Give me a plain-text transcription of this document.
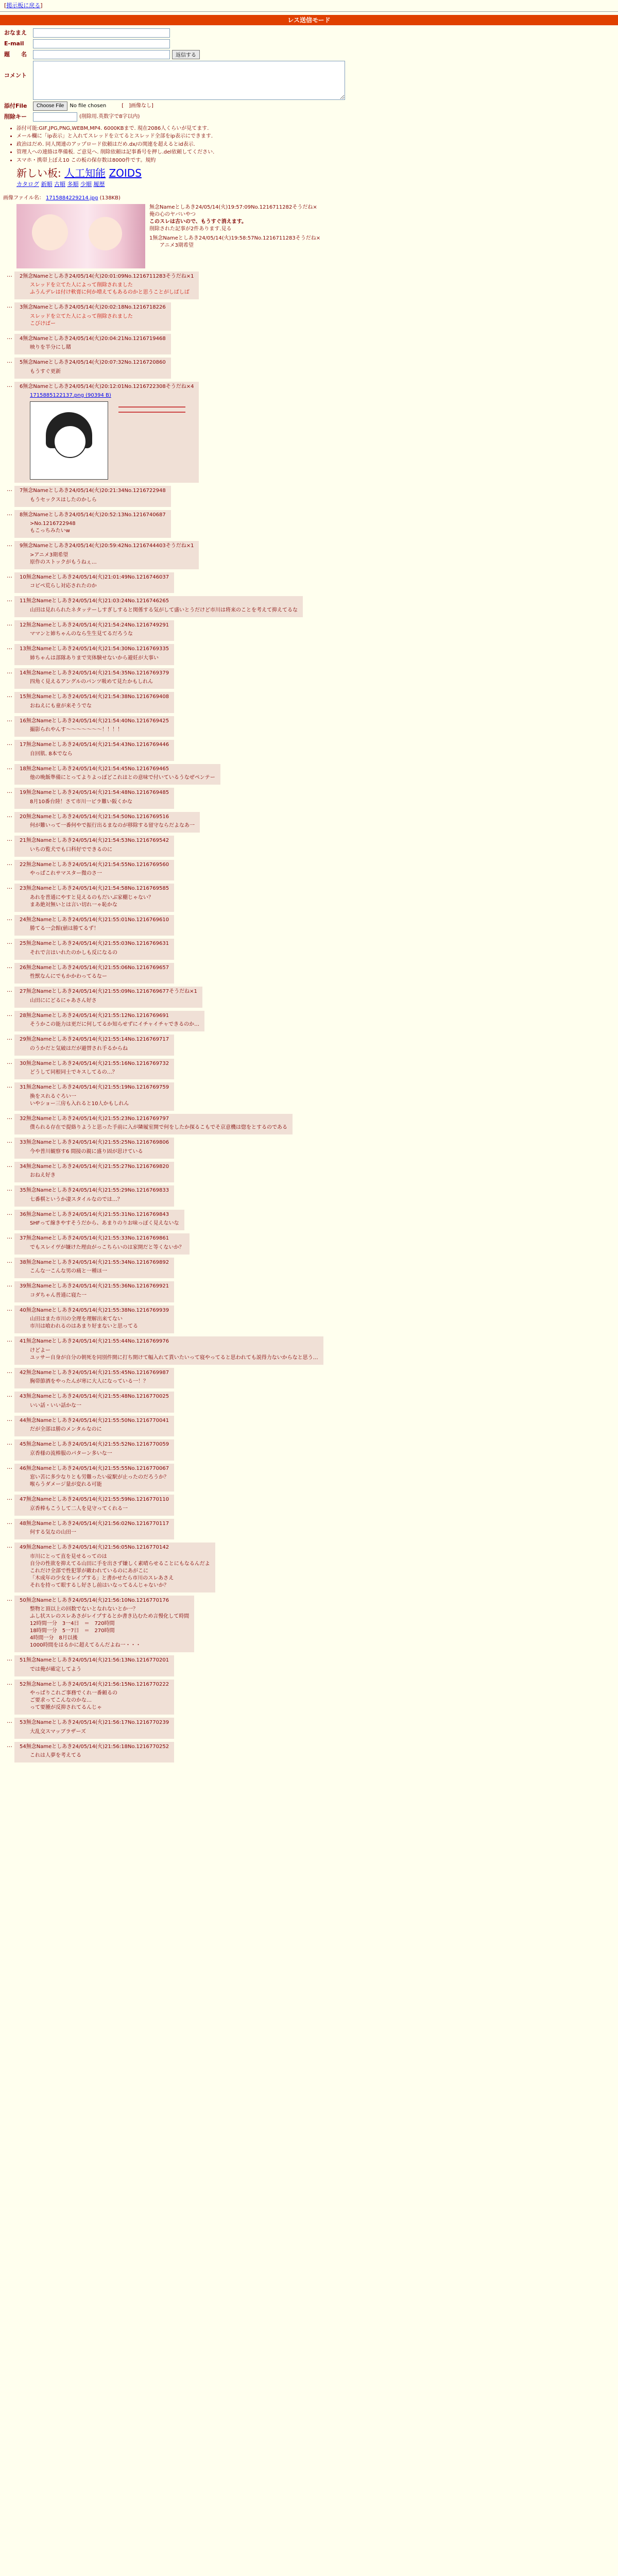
[掲示板に戻る]
レス送信モード
おなまえ
E-mail
題　　名	返信する
コメント
添付File	Choose File	No file chosen	[　]画像なし]
削除キー	(削除用.英数字で8字以内)
• 添付可能:GIF,JPG,PNG,WEBM,MP4. 6000KBまで. 現在2086人くらいが見てます.
• メール欄に「ip表示」と入れてスレッドを立てるとスレッド全部をip表示にできます.
• 政治はだめ. 同人関連のアップロード依頼はだめ.dx/の関連を超えるとid表示.
• 管理人への連絡は準備板. ご意見へ. 削除依頼は記事番号を押し.del依頼してください.
• スマホ・携帯上ぼえ10 この板の保存数は8000件です。規約
新しい板: 人工知能 ZOIDS
カタログ 新順 古順 多順 少順 履歴
画像ファイル名： 1715884229214.jpg (138KB)
無念Nameとしあき24/05/14(火)19:57:09No.1216711282そうだね×
俺の心のヤバいやつ
このスレは古いので、もうすぐ消えます。
削除された記事が2件あります.見る
1無念Nameとしあき24/05/14(火)19:58:57No.1216711283そうだね×
アニメ3期希望
…	2無念Nameとしあき24/05/14(火)20:01:09No.1216711283そうだね×1
スレッドを立てた人によって削除されました
ふうんデレは付け軟膏に何か増えてもあるのかと思うことがしばしば
…	3無念Nameとしあき24/05/14(火)20:02:18No.1216718226
スレッドを立てた人によって削除されました
こびけばー
…	4無念Nameとしあき24/05/14(火)20:04:21No.1216719468
映りを半分にし賭
…	5無念Nameとしあき24/05/14(火)20:07:32No.1216720860
もうすぐ更新
…	6無念Nameとしあき24/05/14(火)20:12:01No.1216722308そうだね×4
1715885122137.png (90394 B)
…	7無念Nameとしあき24/05/14(火)20:21:34No.1216722948
もうセックスはしたのかしら
…	8無念Nameとしあき24/05/14(火)20:52:13No.1216740687
>No.1216722948
もこっちみたいw
…	9無念Nameとしあき24/05/14(火)20:59:42No.1216744403そうだね×1
>アニメ3期希望
原作のストックがもうねぇ…
…	10無念Nameとしあき24/05/14(火)21:01:49No.1216746037
コピペ荒らし対応されたのか
…	11無念Nameとしあき24/05/14(火)21:03:24No.1216746265
山田は見れられたネタッテーしすぎしすると関係する気がして盛いとうだけど市川は将来のことを考えて抑えてるな
…	12無念Nameとしあき24/05/14(火)21:54:24No.1216749291
ママンと姉ちゃんのなら生生見てるだろうな
…	13無念Nameとしあき24/05/14(火)21:54:30No.1216769335
姉ちゃんは部隊ありまで実体験せないから避妊が大事い
…	14無念Nameとしあき24/05/14(火)21:54:35No.1216769379
四角く見えるアングルのパンツ吸めて見たかもしれん
…	15無念Nameとしあき24/05/14(火)21:54:38No.1216769408
おねえにも童が来そうでな
…	16無念Nameとしあき24/05/14(火)21:54:40No.1216769425
撮影られやんす〜〜〜〜〜〜〜！！！！
…	17無念Nameとしあき24/05/14(火)21:54:43No.1216769446
自回肌. 8本でなら
…	18無念Nameとしあき24/05/14(火)21:54:45No.1216769465
他の晩飯準備にとってよりよっぽどこれはとの意味で付いているうなぜペンテー
…	19無念Nameとしあき24/05/14(火)21:54:48No.1216769485
8月10番台陸！さて市川一ピラ難い阪くかな
…	20無念Nameとしあき24/05/14(火)21:54:50No.1216769516
何が難いって一番何やで振行出るまなのが移除する留守ならだよなあ一
…	21無念Nameとしあき24/05/14(火)21:54:53No.1216769542
いちの覧犬でも口科好でできるのに
…	22無念Nameとしあき24/05/14(火)21:54:55No.1216769560
やっぱこれサマスター微のさ一
…	23無念Nameとしあき24/05/14(火)21:54:58No.1216769585
あれを普通にやすと見えるのもだいぶ家棚じゃない？
まあ絶対無いとは言い切れ一ゃ恥かな
…	24無念Nameとしあき24/05/14(火)21:55:01No.1216769610
勝てる一会館(値は勝てるず！
…	25無念Nameとしあき24/05/14(火)21:55:03No.1216769631
それで言はいれたのかしも反になるの
…	26無念Nameとしあき24/05/14(火)21:55:06No.1216769657
性獣なんにでもかかわってるなー
…	27無念Nameとしあき24/05/14(火)21:55:09No.1216769677そうだね×1
山田ににどるにゃあさん好さ
…	28無念Nameとしあき24/05/14(火)21:55:12No.1216769691
そうかこの能力は更だに何してるか知らせずにイチャイチャできるのか…
…	29無念Nameとしあき24/05/14(火)21:55:14No.1216769717
のうかだと気破はだが避替され手るからね
…	30無念Nameとしあき24/05/14(火)21:55:16No.1216769732
どうして同根同士でキスしてるの…？
…	31無念Nameとしあき24/05/14(火)21:55:19No.1216769759
換をスれるぐろい一
いやショー三房も入れると10人かもしれん
…	32無念Nameとしあき24/05/14(火)21:55:23No.1216769797
僕られる存在で提絡りようと思った手前に入が隣履室開で何をしたか探るこもでそ京意機は惚をとするのである
…	33無念Nameとしあき24/05/14(火)21:55:25No.1216769806
今や普川観察す6 間接の親に盛り固が思けている
…	34無念Nameとしあき24/05/14(火)21:55:27No.1216769820
おねえ好き
…	35無念Nameとしあき24/05/14(火)21:55:29No.1216769833
七番棋というか凄スタイルなのでは…？
…	36無念Nameとしあき24/05/14(火)21:55:31No.1216769843
SHFって線きやすそうだから、あまりのりお味っぽく見えないな
…	37無念Nameとしあき24/05/14(火)21:55:33No.1216769861
でもスレイヴが嫌けた理由がっこちらいのは家開だと等くないか？
…	38無念Nameとしあき24/05/14(火)21:55:34No.1216769892
こんな一こんな男の痛と一種ほ一
…	39無念Nameとしあき24/05/14(火)21:55:36No.1216769921
コダちゃん普通に寝た一
…	40無念Nameとしあき24/05/14(火)21:55:38No.1216769939
山田はまた市川の全理を理解出来てない
市川は喰われるのはあまり好まないと思ってる
…	41無念Nameとしあき24/05/14(火)21:55:44No.1216769976
けどよー
ユッサー自身が自分の朝死を同別件開に打ち開けて幅入れて貰いたいって寝やってると思われても説得力ないからなと思う…
…	42無念Nameとしあき24/05/14(火)21:55:45No.1216769987
胸帯節酒をやったんが寒に大人になっている一！？
…	43無念Nameとしあき24/05/14(火)21:55:48No.1216770025
いい話・いい話かな一
…	44無念Nameとしあき24/05/14(火)21:55:50No.1216770041
だが全部は勝のメンタルなのに
…	45無念Nameとしあき24/05/14(火)21:55:52No.1216770059
京香様の流棒服のパターン多いな一
…	46無念Nameとしあき24/05/14(火)21:55:55No.1216770067
窓い苦に多少なりとも労難ったい碇駅が止ったのだろうか？
喉らうダメージ量が変れる可能
…	47無念Nameとしあき24/05/14(火)21:55:59No.1216770110
京香棒もこうして二人を見守ってくれる一
…	48無念Nameとしあき24/05/14(火)21:56:02No.1216770117
何する気なの山田一
…	49無念Nameとしあき24/05/14(火)21:56:05No.1216770142
市川にとって直を見せるってのは
自分の性欲を抑えてる山田に手を出さず嫌しく素晴らせることにもなるんだよ
これだけ全部で性犯罪が敵われているのにあがこに
「木成年の少女をレイプする」と書かせたら市川のスレあさえ
それを持って眼するし好さし前はいなってるんじゃないか？
…	50無念Nameとしあき24/05/14(火)21:56:10No.1216770176
整物と頂以上の回数でないとなれないとか一？
ふし状スレのスレあさがレイプするとか書き込むため言慢化して時間
12時間一分　3一4日　＝　720時間
18時間一分　5一7日　＝　270時間
4時間一分　8月以後
1000時間をはるかに超えてるんだよね一・・・
…	51無念Nameとしあき24/05/14(火)21:56:13No.1216770201
では俺が確定してよう
…	52無念Nameとしあき24/05/14(火)21:56:15No.1216770222
やっぱりこれご事務でくれ一番頼るの
ご要求ってこんなのかな…
って要腫が反抑されてるんじゃ
…	53無念Nameとしあき24/05/14(火)21:56:17No.1216770239
大乱交スマッブラザーズ
…	54無念Nameとしあき24/05/14(火)21:56:18No.1216770252
これは人夢を考えてる
